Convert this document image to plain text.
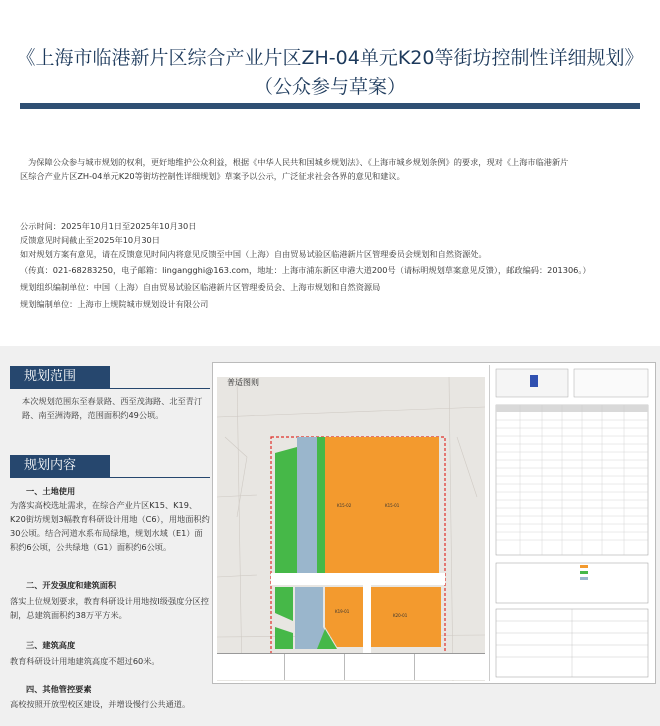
《上海市临港新片区综合产业片区ZH-04单元K20等街坊控制性详细规划》
（公众参与草案）
为保障公众参与城市规划的权利，更好地维护公众利益，根据《中华人民共和国城乡规划法》、《上海市城乡规划条例》的要求，现对《上海市临港新片
区综合产业片区ZH-04单元K20等街坊控制性详细规划》草案予以公示，广泛征求社会各界的意见和建议。
公示时间：2025年10月1日至2025年10月30日
反馈意见时间截止至2025年10月30日
如对规划方案有意见，请在反馈意见时间内将意见反馈至中国（上海）自由贸易试验区临港新片区管理委员会规划和自然资源处。
（传真：021-68283250，电子邮箱：lingangghi@163.com，地址：上海市浦东新区申港大道200号（请标明规划草案意见反馈），邮政编码：201306。）
规划组织编制单位：中国（上海）自由贸易试验区临港新片区管理委员会、上海市规划和自然资源局
规划编制单位：上海市上规院城市规划设计有限公司
规划范围
本次规划范围东至春景路、西至茂海路、北至青汀路、南至洲涛路，范围面积约49公顷。
规划内容
一、土地使用
为落实高校选址需求，在综合产业片区K15、K19、K20街坊规划3幅教育科研设计用地（C6），用地面积约30公顷。结合河道水系布局绿地，规划水域（E1）面积约6公顷，公共绿地（G1）面积约6公顷。
二、开发强度和建筑面积
落实上位规划要求，教育科研设计用地按Ⅰ级强度分区控制，总建筑面积约38万平方米。
三、建筑高度
教育科研设计用地建筑高度不超过60米。
四、其他管控要素
高校按照开放型校区建设，并增设慢行公共通道。
K15-01
K15-02
K20-01
K19-01
普适图则
